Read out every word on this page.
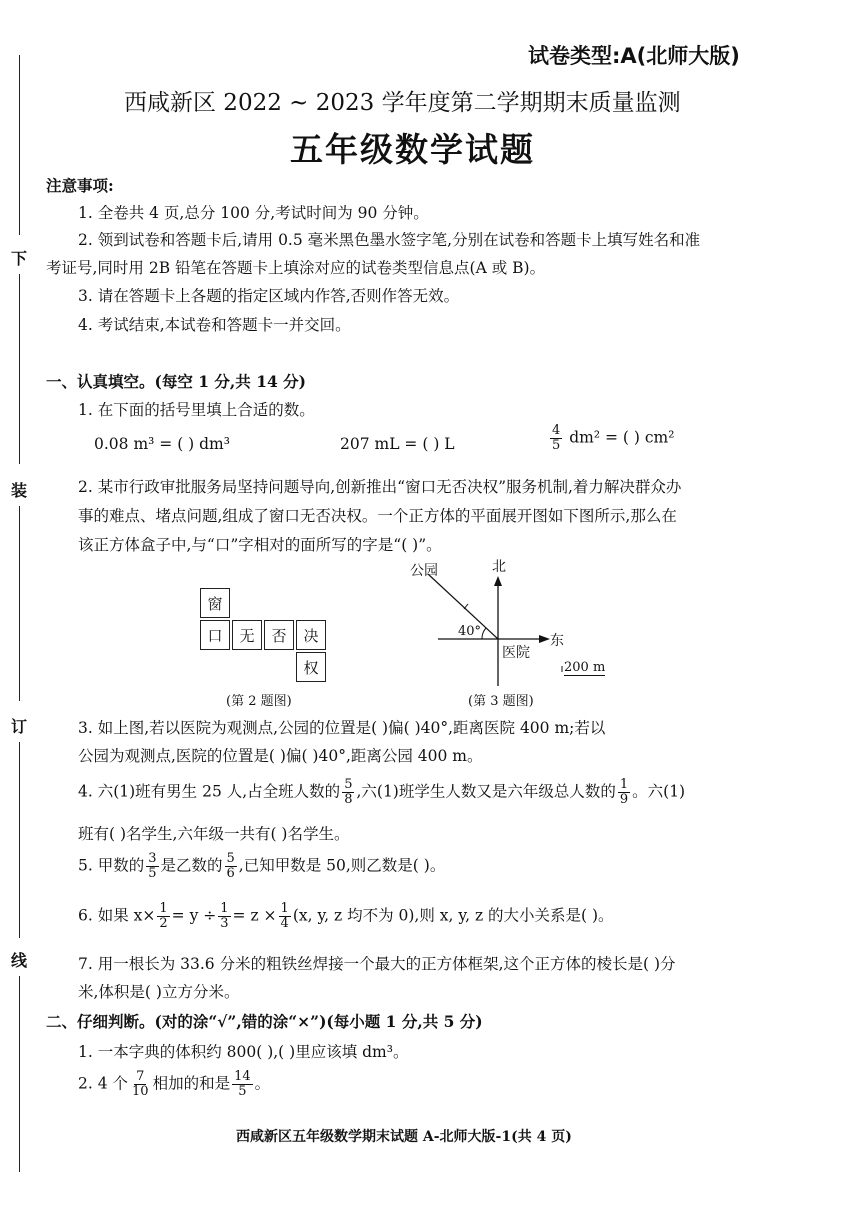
下
装
订
线
试卷类型:A(北师大版)
西咸新区 2022 ~ 2023 学年度第二学期期末质量监测
五年级数学试题
注意事项:
1. 全卷共 4 页,总分 100 分,考试时间为 90 分钟。
2. 领到试卷和答题卡后,请用 0.5 毫米黑色墨水签字笔,分别在试卷和答题卡上填写姓名和准
考证号,同时用 2B 铅笔在答题卡上填涂对应的试卷类型信息点(A 或 B)。
3. 请在答题卡上各题的指定区域内作答,否则作答无效。
4. 考试结束,本试卷和答题卡一并交回。
一、认真填空。(每空 1 分,共 14 分)
1. 在下面的括号里填上合适的数。
0.08 m³ = ( ) dm³	207 mL = ( ) L	$\frac{4}{5} dm^2$ = ( ) cm²
2. 某市行政审批服务局坚持问题导向,创新推出“窗口无否决权”服务机制,着力解决群众办
事的难点、堵点问题,组成了窗口无否决权。一个正方体的平面展开图如下图所示,那么在
该正方体盒子中,与“口”字相对的面所写的字是“( )”。
窗
口	无	否	决
权
(第 2 题图)
公园	北
东
医院
40°
200 m
(第 3 题图)
3. 如上图,若以医院为观测点,公园的位置是( )偏( )40°,距离医院 400 m;若以
公园为观测点,医院的位置是( )偏( )40°,距离公园 400 m。
4. 六(1)班有男生 25 人,占全班人数的 $\frac{5}{8}$ ,六(1)班学生人数又是六年级总人数的 $\frac{1}{9}$ 。六(1)
班有( )名学生,六年级一共有( )名学生。
5. 甲数的 $\frac{3}{5}$ 是乙数的 $\frac{5}{6}$ ,已知甲数是 50,则乙数是( )。
6. 如果 $x\times \frac{1}{2} = y \div \frac{1}{3} = z \times \frac{1}{4} (x$, y, z 均不为 0),则 x, y, z 的大小关系是( )。
7. 用一根长为 33.6 分米的粗铁丝焊接一个最大的正方体框架,这个正方体的棱长是( )分
米,体积是( )立方分米。
二、仔细判断。(对的涂“√”,错的涂“×”)(每小题 1 分,共 5 分)
1. 一本字典的体积约 800( ),( )里应该填 dm³。
2. 4 个 $\frac{7}{10}$ 相加的和是 $\frac{14}{5}$ 。
西咸新区五年级数学期末试题 A-北师大版-1(共 4 页)
